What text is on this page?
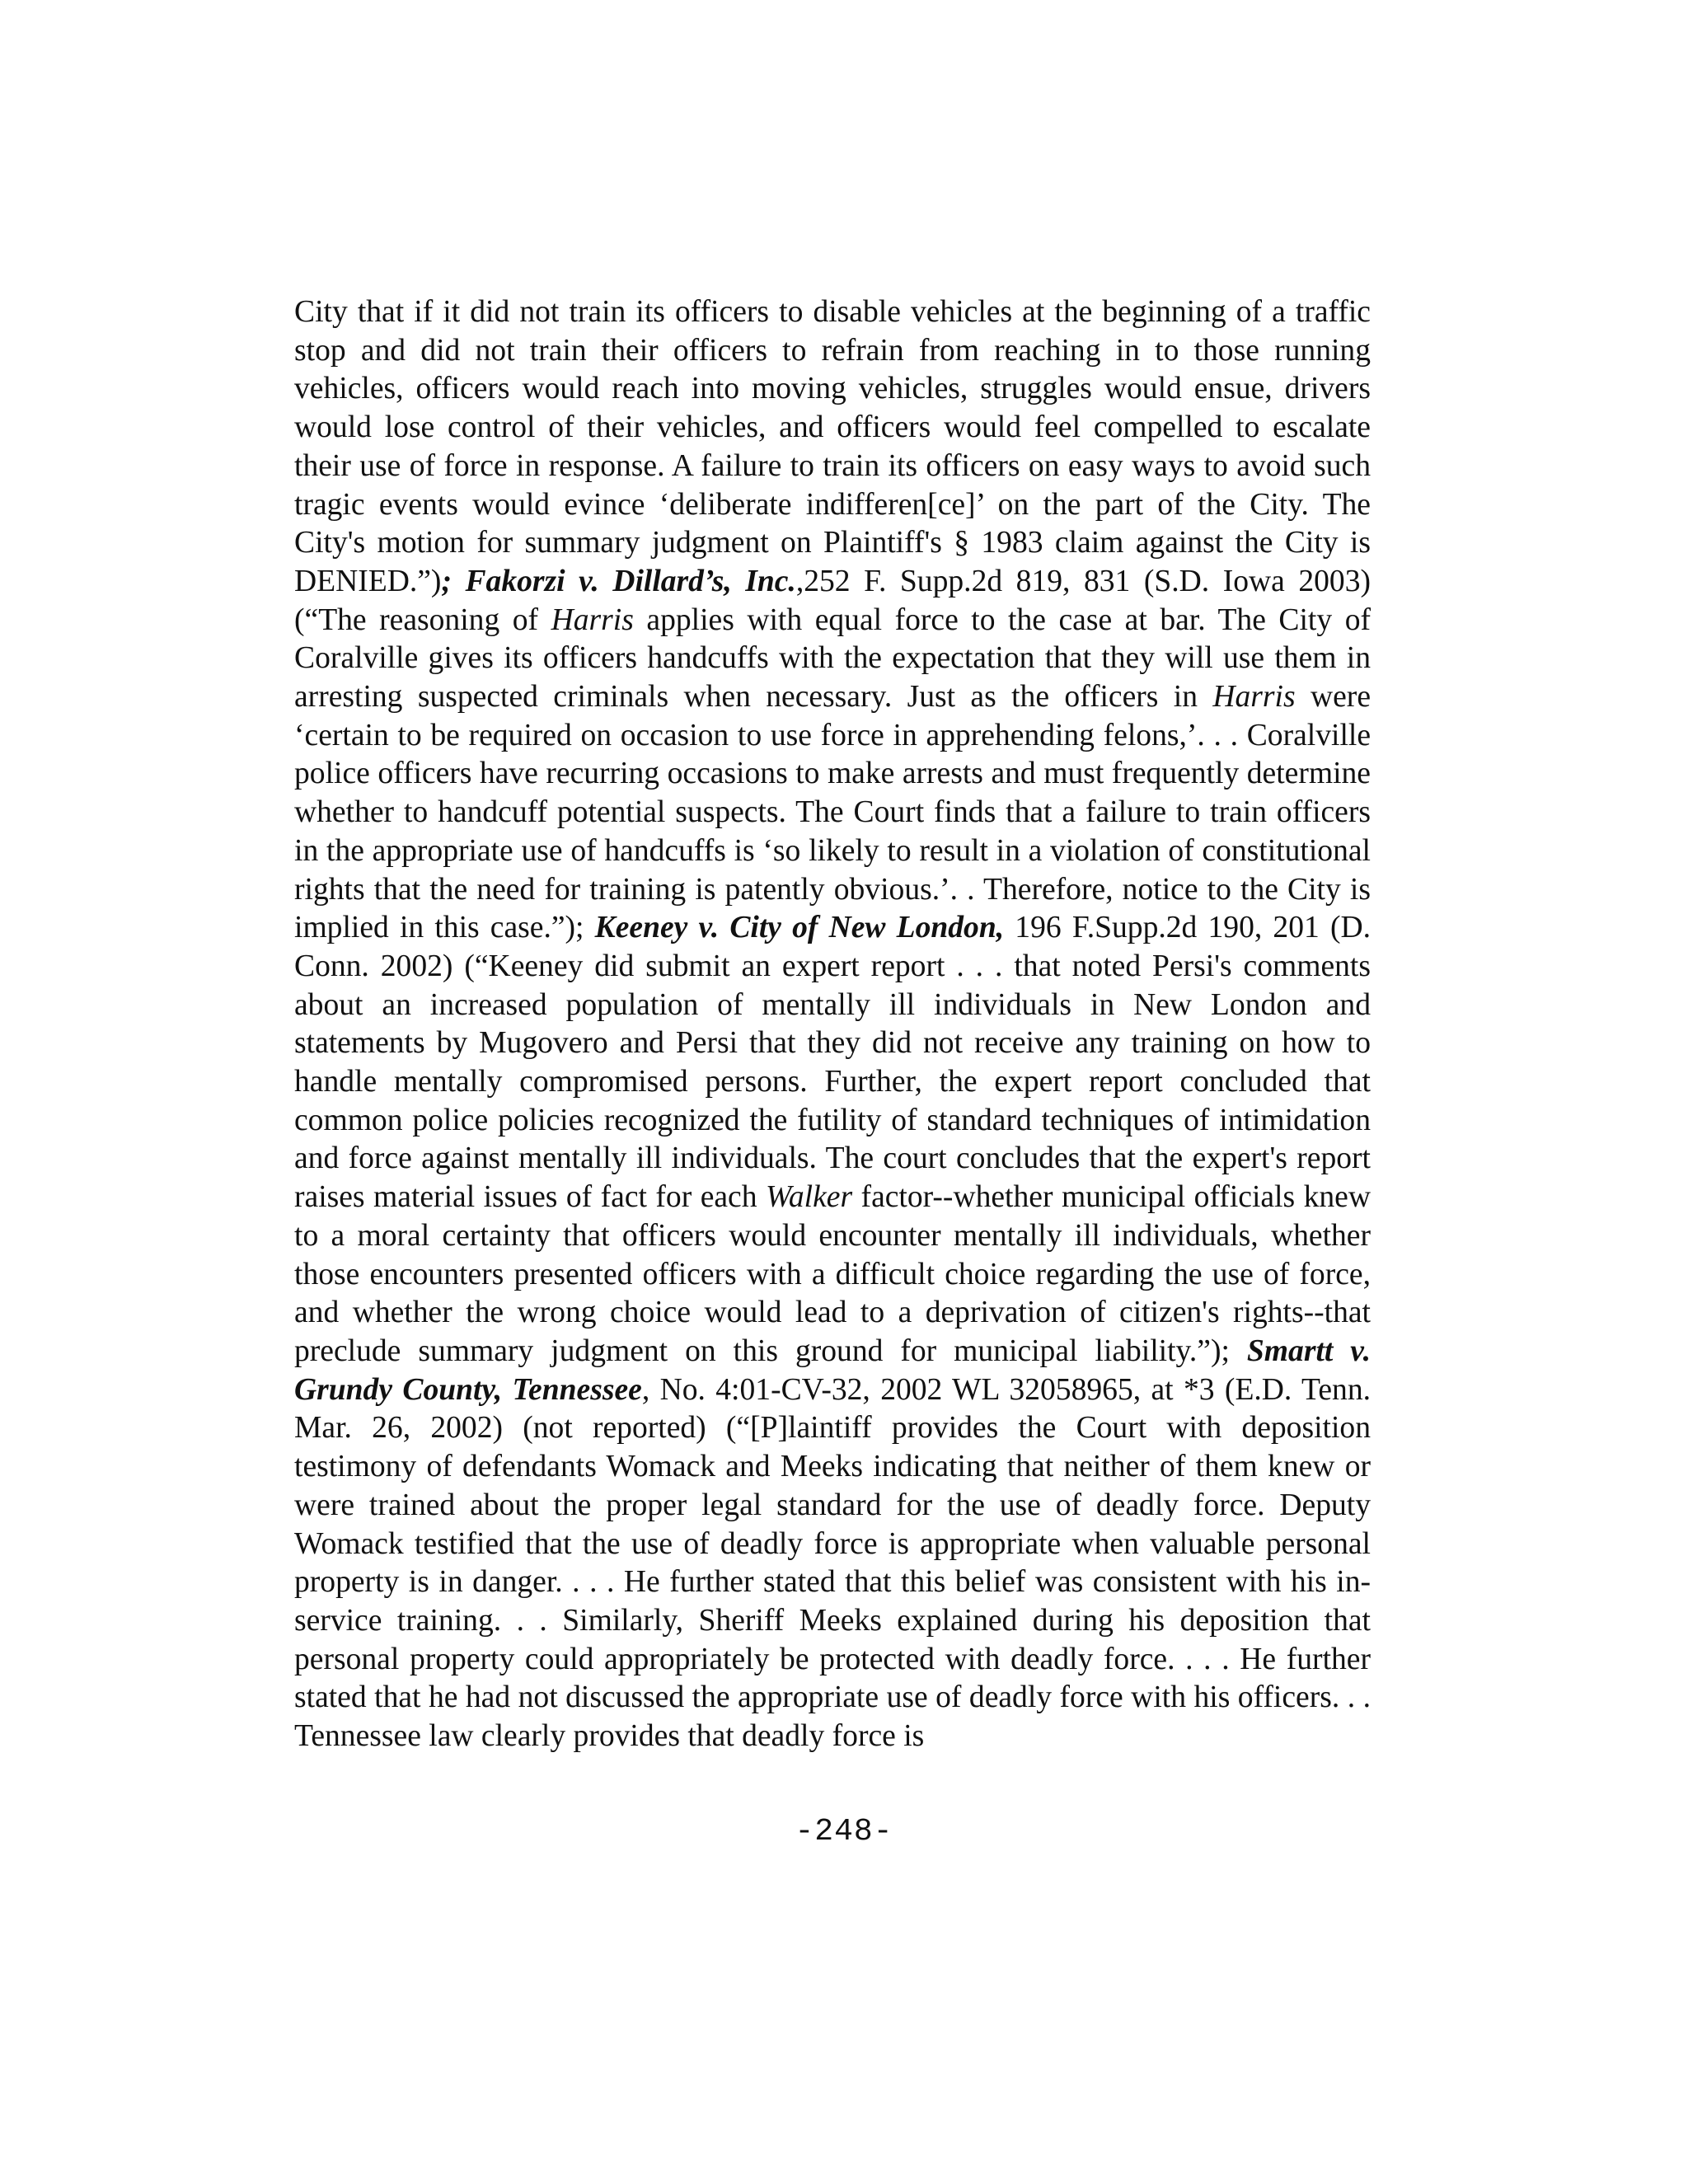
City that if it did not train its officers to disable vehicles at the beginning of a traffic stop and did not train their officers to refrain from reaching in to those running vehicles, officers would reach into moving vehicles, struggles would ensue, drivers would lose control of their vehicles, and officers would feel compelled to escalate their use of force in response. A failure to train its officers on easy ways to avoid such tragic events would evince ‘deliberate indifferen[ce]’ on the part of the City. The City's motion for summary judgment on Plaintiff's § 1983 claim against the City is DENIED.”); Fakorzi v. Dillard’s, Inc.,252 F. Supp.2d 819, 831 (S.D. Iowa 2003) (“The reasoning of Harris applies with equal force to the case at bar. The City of Coralville gives its officers handcuffs with the expectation that they will use them in arresting suspected criminals when necessary. Just as the officers in Harris were ‘certain to be required on occasion to use force in apprehending felons,’. . . Coralville police officers have recurring occasions to make arrests and must frequently determine whether to handcuff potential suspects. The Court finds that a failure to train officers in the appropriate use of handcuffs is ‘so likely to result in a violation of constitutional rights that the need for training is patently obvious.’. . Therefore, notice to the City is implied in this case.”); Keeney v. City of New London, 196 F.Supp.2d 190, 201 (D. Conn. 2002) (“Keeney did submit an expert report . . . that noted Persi's comments about an increased population of mentally ill individuals in New London and statements by Mugovero and Persi that they did not receive any training on how to handle mentally compromised persons. Further, the expert report concluded that common police policies recognized the futility of standard techniques of intimidation and force against mentally ill individuals. The court concludes that the expert's report raises material issues of fact for each Walker factor--whether municipal officials knew to a moral certainty that officers would encounter mentally ill individuals, whether those encounters presented officers with a difficult choice regarding the use of force, and whether the wrong choice would lead to a deprivation of citizen's rights--that preclude summary judgment on this ground for municipal liability.”); Smartt v. Grundy County, Tennessee, No. 4:01-CV-32, 2002 WL 32058965, at *3 (E.D. Tenn. Mar. 26, 2002) (not reported) (“[P]laintiff provides the Court with deposition testimony of defendants Womack and Meeks indicating that neither of them knew or were trained about the proper legal standard for the use of deadly force. Deputy Womack testified that the use of deadly force is appropriate when valuable personal property is in danger. . . . He further stated that this belief was consistent with his in-service training. . . Similarly, Sheriff Meeks explained during his deposition that personal property could appropriately be protected with deadly force. . . . He further stated that he had not discussed the appropriate use of deadly force with his officers. . . Tennessee law clearly provides that deadly force is

-248-
